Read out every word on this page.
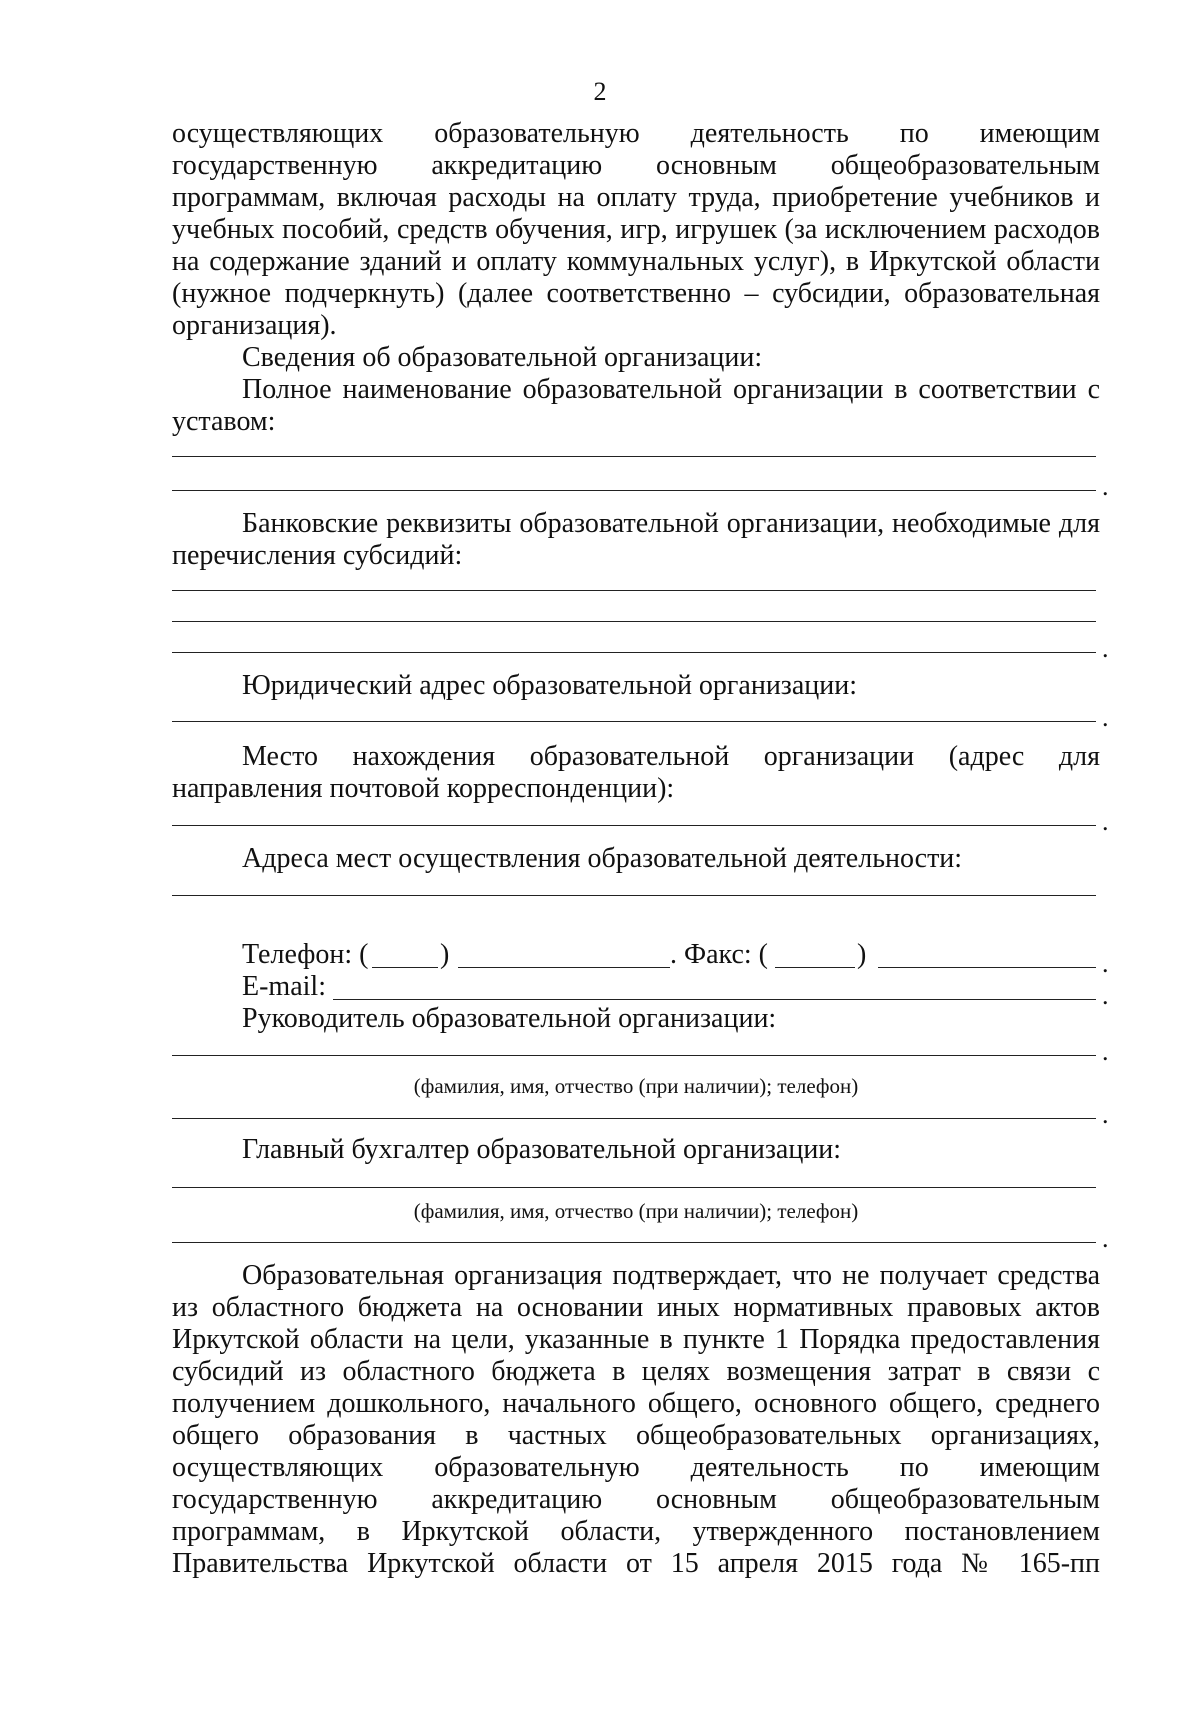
2
осуществляющих образовательную деятельность по имеющим
государственную аккредитацию основным общеобразовательным
программам, включая расходы на оплату труда, приобретение учебников и
учебных пособий, средств обучения, игр, игрушек (за исключением расходов
на содержание зданий и оплату коммунальных услуг), в Иркутской области
(нужное подчеркнуть) (далее соответственно – субсидии, образовательная
организация).
Сведения об образовательной организации:
Полное наименование образовательной организации в соответствии с
уставом:
.
Банковские реквизиты образовательной организации, необходимые для
перечисления субсидий:
.
Юридический адрес образовательной организации:
.
Место нахождения образовательной организации (адрес для
направления почтовой корреспонденции):
.
Адреса мест осуществления образовательной деятельности:
Телефон: (	)	. Факс: (	)	.
E-mail:	.
Руководитель образовательной организации:
.
(фамилия, имя, отчество (при наличии); телефон)
.
Главный бухгалтер образовательной организации:
(фамилия, имя, отчество (при наличии); телефон)
.
Образовательная организация подтверждает, что не получает средства
из областного бюджета на основании иных нормативных правовых актов
Иркутской области на цели, указанные в пункте 1 Порядка предоставления
субсидий из областного бюджета в целях возмещения затрат в связи с
получением дошкольного, начального общего, основного общего, среднего
общего образования в частных общеобразовательных организациях,
осуществляющих образовательную деятельность по имеющим
государственную аккредитацию основным общеобразовательным
программам, в Иркутской области, утвержденного постановлением
Правительства Иркутской области от 15 апреля 2015 года № 165-пп
